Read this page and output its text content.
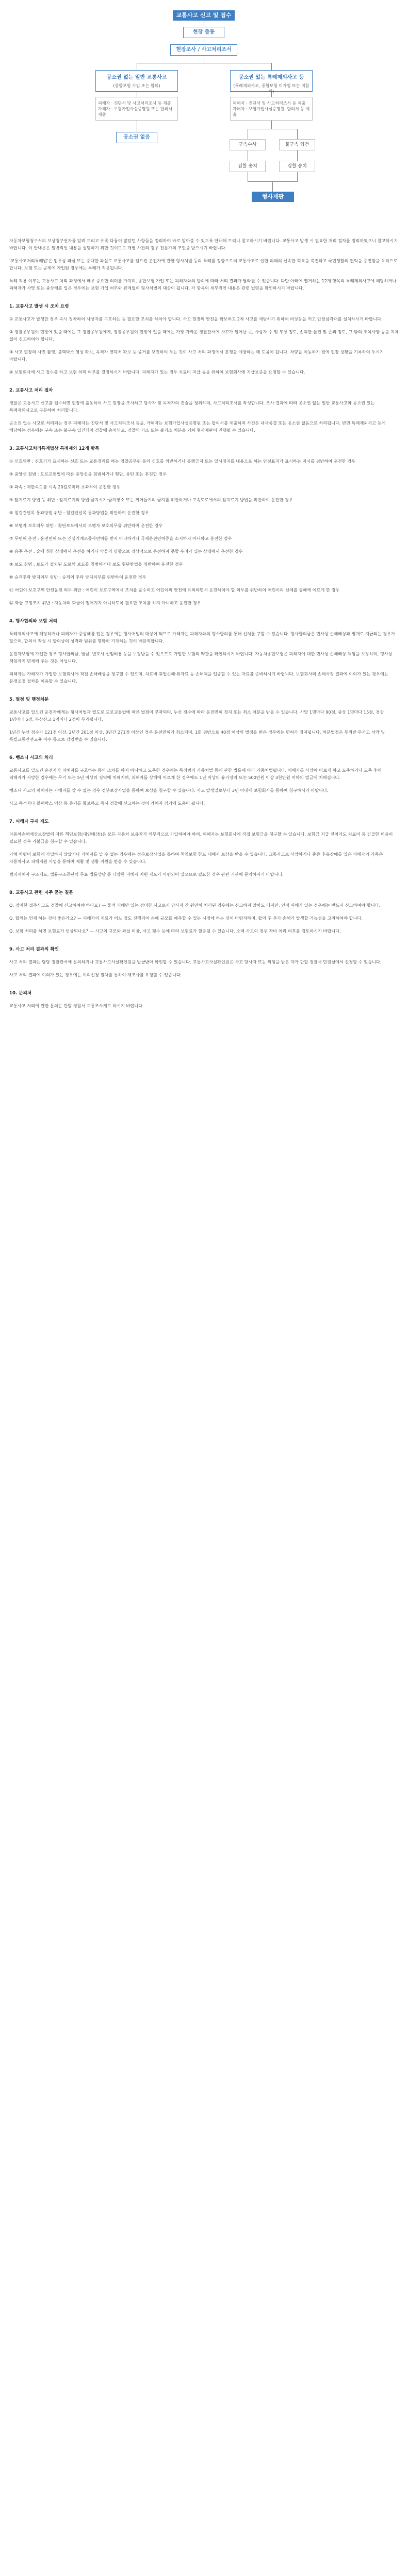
교통사고 신고 및 접수
현장 출동
현장조사 / 사고처리조서
공소권 없는 일반 교통사고
(종합보험 가입 또는 합의)
공소권 있는 특례제외사고 등
(특례제외사고, 종합보험 미가입 또는 미합의)
피해자 · 진단서 및 사고처리조서 등 제출
가해자 · 보험가입사실증명원 또는 합의서 제출
피해자 · 진단서 및 사고처리조서 등 제출
가해자 · 보험가입사실증명원, 합의서 등 제출
공소권 없음
구속수사	불구속 입건
검찰 송치	검찰 송치
형사재판

자동차보험청구서의 보상청구권자를 알려 드리고 유족 다툼이 많았던 사항들을 정리하여 바로 알아볼 수 있도록 안내해 드리니 참고하시기 바랍니다. 교통사고 발생 시 필요한 처리 절차를 정리하였으니 참고하시기 바랍니다. 이 안내문은 일반적인 내용을 설명하기 위한 것이므로 개별 사건의 경우 전문가의 조언을 받으시기 바랍니다.

'교통사고처리특례법'은 업무상 과실 또는 중대한 과실로 교통사고를 일으킨 운전자에 관한 형사처벌 등의 특례를 정함으로써 교통사고로 인한 피해의 신속한 회복을 촉진하고 국민생활의 편익을 증진함을 목적으로 합니다. 보험 또는 공제에 가입된 경우에는 특례가 적용됩니다.

특례 적용 여부는 교통사고 처리 과정에서 매우 중요한 의미를 가지며, 종합보험 가입 또는 피해자와의 합의에 따라 처리 결과가 달라질 수 있습니다. 다만 아래에 열거하는 12개 항목의 특례제외사고에 해당하거나 피해자가 사망 또는 중상해를 입은 경우에는 보험 가입 여부와 관계없이 형사처벌의 대상이 됩니다. 각 항목의 세부적인 내용은 관련 법령을 확인하시기 바랍니다.

1. 교통사고 발생 시 조치 요령

① 교통사고가 발생한 경우 즉시 정차하여 사상자를 구호하는 등 필요한 조치를 하여야 합니다. 사고 현장의 안전을 확보하고 2차 사고를 예방하기 위하여 비상등을 켜고 안전삼각대를 설치하시기 바랍니다.

② 경찰공무원이 현장에 있을 때에는 그 경찰공무원에게, 경찰공무원이 현장에 없을 때에는 가장 가까운 경찰관서에 사고가 일어난 곳, 사상자 수 및 부상 정도, 손괴한 물건 및 손괴 정도, 그 밖의 조치사항 등을 지체 없이 신고하여야 합니다.

③ 사고 현장의 사진 촬영, 블랙박스 영상 확보, 목격자 연락처 확보 등 증거를 보전하여 두는 것이 사고 처리 과정에서 분쟁을 예방하는 데 도움이 됩니다. 차량을 이동하기 전에 현장 상황을 기록하여 두시기 바랍니다.

④ 보험회사에 사고 접수를 하고 보험 처리 여부를 결정하시기 바랍니다. 피해자가 있는 경우 치료비 지급 등을 위하여 보험회사에 지급보증을 요청할 수 있습니다.

2. 교통사고 처리 절차

경찰은 교통사고 신고를 접수하면 현장에 출동하여 사고 현장을 조사하고 당사자 및 목격자의 진술을 청취하며, 사고처리조서를 작성합니다. 조사 결과에 따라 공소권 없는 일반 교통사고와 공소권 있는 특례제외사고로 구분하여 처리합니다.

공소권 없는 사고로 처리되는 경우 피해자는 진단서 및 사고처리조서 등을, 가해자는 보험가입사실증명원 또는 합의서를 제출하며 사건은 내사종결 또는 공소권 없음으로 처리됩니다. 반면 특례제외사고 등에 해당하는 경우에는 구속 또는 불구속 입건되어 검찰에 송치되고, 검찰의 기소 또는 불기소 처분을 거쳐 형사재판이 진행될 수 있습니다.

3. 교통사고처리특례법상 특례제외 12개 항목

① 신호위반 : 신호기가 표시하는 신호 또는 교통정리를 하는 경찰공무원 등의 신호를 위반하거나 통행금지 또는 일시정지를 내용으로 하는 안전표지가 표시하는 지시를 위반하여 운전한 경우

② 중앙선 침범 : 도로교통법에 따른 중앙선을 침범하거나 횡단, 유턴 또는 후진한 경우

③ 과속 : 제한속도를 시속 20킬로미터 초과하여 운전한 경우

④ 앞지르기 방법 등 위반 : 앞지르기의 방법·금지시기·금지장소 또는 끼어들기의 금지를 위반하거나 고속도로에서의 앞지르기 방법을 위반하여 운전한 경우

⑤ 철길건널목 통과방법 위반 : 철길건널목 통과방법을 위반하여 운전한 경우

⑥ 보행자 보호의무 위반 : 횡단보도에서의 보행자 보호의무를 위반하여 운전한 경우

⑦ 무면허 운전 : 운전면허 또는 건설기계조종사면허를 받지 아니하거나 국제운전면허증을 소지하지 아니하고 운전한 경우

⑧ 음주 운전 : 술에 취한 상태에서 운전을 하거나 약물의 영향으로 정상적으로 운전하지 못할 우려가 있는 상태에서 운전한 경우

⑨ 보도 침범 : 보도가 설치된 도로의 보도를 침범하거나 보도 횡단방법을 위반하여 운전한 경우

⑩ 승객추락 방지의무 위반 : 승객의 추락 방지의무를 위반하여 운전한 경우

⑪ 어린이 보호구역 안전운전 의무 위반 : 어린이 보호구역에서 조치를 준수하고 어린이의 안전에 유의하면서 운전하여야 할 의무를 위반하여 어린이의 신체를 상해에 이르게 한 경우

⑫ 화물 고정조치 위반 : 자동차의 화물이 떨어지지 아니하도록 필요한 조치를 하지 아니하고 운전한 경우

4. 형사합의와 보험 처리

특례제외사고에 해당하거나 피해자가 중상해를 입은 경우에는 형사처벌의 대상이 되므로 가해자는 피해자와의 형사합의를 통해 선처를 구할 수 있습니다. 형사합의금은 민사상 손해배상과 별개로 지급되는 경우가 많으며, 합의서 작성 시 합의금의 성격과 범위를 명확히 기재하는 것이 바람직합니다.

운전자보험에 가입한 경우 형사합의금, 벌금, 변호사 선임비용 등을 보장받을 수 있으므로 가입한 보험의 약관을 확인하시기 바랍니다. 자동차종합보험은 피해자에 대한 민사상 손해배상 책임을 보장하며, 형사상 책임까지 면제해 주는 것은 아닙니다.

피해자는 가해자가 가입한 보험회사에 직접 손해배상을 청구할 수 있으며, 치료비·휴업손해·위자료 등 손해액을 입증할 수 있는 자료를 준비하시기 바랍니다. 보험회사의 손해사정 결과에 이의가 있는 경우에는 분쟁조정 절차를 이용할 수 있습니다.

5. 벌점 및 행정처분

교통사고를 일으킨 운전자에게는 형사처벌과 별도로 도로교통법에 따른 벌점이 부과되며, 누산 점수에 따라 운전면허 정지 또는 취소 처분을 받을 수 있습니다. 사망 1명마다 90점, 중상 1명마다 15점, 경상 1명마다 5점, 부상신고 1명마다 2점이 부과됩니다.

1년간 누산 점수가 121점 이상, 2년간 201점 이상, 3년간 271점 이상인 경우 운전면허가 취소되며, 1회 위반으로 40점 이상의 벌점을 받은 경우에는 면허가 정지됩니다. 처분벌점은 무위반·무사고 서약 및 특별교통안전교육 이수 등으로 감경받을 수 있습니다.

6. 뺑소니 사고의 처리

교통사고를 일으킨 운전자가 피해자를 구호하는 등의 조치를 하지 아니하고 도주한 경우에는 특정범죄 가중처벌 등에 관한 법률에 따라 가중처벌됩니다. 피해자를 사망에 이르게 하고 도주하거나 도주 후에 피해자가 사망한 경우에는 무기 또는 5년 이상의 징역에 처해지며, 피해자를 상해에 이르게 한 경우에도 1년 이상의 유기징역 또는 500만원 이상 3천만원 이하의 벌금에 처해집니다.

뺑소니 사고의 피해자는 가해자를 알 수 없는 경우 정부보장사업을 통하여 보상을 청구할 수 있습니다. 사고 발생일로부터 3년 이내에 보험회사를 통하여 청구하시기 바랍니다.

사고 목격자나 블랙박스 영상 등 증거를 확보하고 즉시 경찰에 신고하는 것이 가해자 검거에 도움이 됩니다.

7. 피해자 구제 제도

자동차손해배상보장법에 따른 책임보험(대인배상Ⅰ)은 모든 자동차 보유자가 의무적으로 가입하여야 하며, 피해자는 보험회사에 직접 보험금을 청구할 수 있습니다. 보험금 지급 전이라도 치료비 등 긴급한 비용이 필요한 경우 가불금을 청구할 수 있습니다.

가해 차량이 보험에 가입하지 않았거나 가해자를 알 수 없는 경우에는 정부보장사업을 통하여 책임보험 한도 내에서 보상을 받을 수 있습니다. 교통사고로 사망하거나 중증 후유장애를 입은 피해자의 가족은 자동차사고 피해지원 사업을 통하여 재활 및 생활 지원을 받을 수 있습니다.

범죄피해자 구조제도, 법률구조공단의 무료 법률상담 등 다양한 피해자 지원 제도가 마련되어 있으므로 필요한 경우 관련 기관에 문의하시기 바랍니다.

8. 교통사고 관련 자주 묻는 질문

Q. 경미한 접촉사고도 경찰에 신고하여야 하나요? — 물적 피해만 있는 경미한 사고로서 당사자 간 원만히 처리된 경우에는 신고하지 않아도 되지만, 인적 피해가 있는 경우에는 반드시 신고하여야 합니다.

Q. 합의는 언제 하는 것이 좋은가요? — 피해자의 치료가 어느 정도 진행되어 손해 규모를 예측할 수 있는 시점에 하는 것이 바람직하며, 합의 후 추가 손해가 발생할 가능성을 고려하여야 합니다.

Q. 보험 처리를 하면 보험료가 인상되나요? — 사고의 규모와 과실 비율, 사고 횟수 등에 따라 보험료가 할증될 수 있습니다. 소액 사고의 경우 자비 처리 여부를 검토하시기 바랍니다.

9. 사고 처리 결과의 확인

사고 처리 결과는 담당 경찰관서에 문의하거나 교통사고사실확인원을 발급받아 확인할 수 있습니다. 교통사고사실확인원은 사고 당사자 또는 위임을 받은 자가 관할 경찰서 민원실에서 신청할 수 있습니다.

사고 처리 결과에 이의가 있는 경우에는 이의신청 절차를 통하여 재조사를 요청할 수 있습니다.

10. 문의처

교통사고 처리에 관한 문의는 관할 경찰서 교통조사계로 하시기 바랍니다.
